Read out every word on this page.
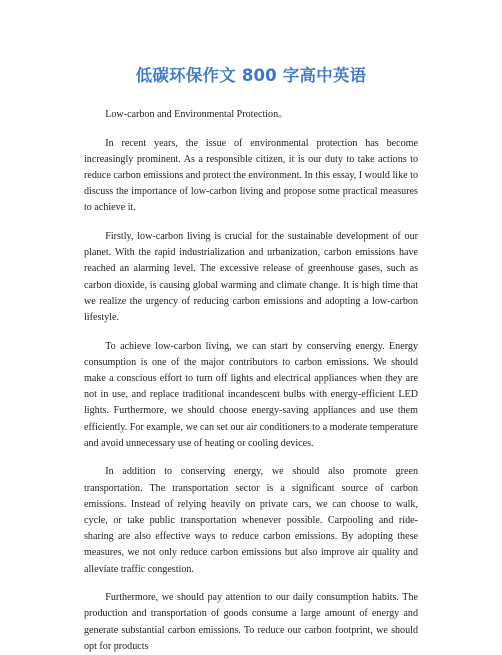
低碳环保作文 800 字高中英语

Low-carbon and Environmental Protection。

In recent years, the issue of environmental protection has become increasingly prominent. As a responsible citizen, it is our duty to take actions to reduce carbon emissions and protect the environment. In this essay, I would like to discuss the importance of low-carbon living and propose some practical measures to achieve it.

Firstly, low-carbon living is crucial for the sustainable development of our planet. With the rapid industrialization and urbanization, carbon emissions have reached an alarming level. The excessive release of greenhouse gases, such as carbon dioxide, is causing global warming and climate change. It is high time that we realize the urgency of reducing carbon emissions and adopting a low-carbon lifestyle.

To achieve low-carbon living, we can start by conserving energy. Energy consumption is one of the major contributors to carbon emissions. We should make a conscious effort to turn off lights and electrical appliances when they are not in use, and replace traditional incandescent bulbs with energy-efficient LED lights. Furthermore, we should choose energy-saving appliances and use them efficiently. For example, we can set our air conditioners to a moderate temperature and avoid unnecessary use of heating or cooling devices.

In addition to conserving energy, we should also promote green transportation. The transportation sector is a significant source of carbon emissions. Instead of relying heavily on private cars, we can choose to walk, cycle, or take public transportation whenever possible. Carpooling and ride-sharing are also effective ways to reduce carbon emissions. By adopting these measures, we not only reduce carbon emissions but also improve air quality and alleviate traffic congestion.

Furthermore, we should pay attention to our daily consumption habits. The production and transportation of goods consume a large amount of energy and generate substantial carbon emissions. To reduce our carbon footprint, we should opt for products
